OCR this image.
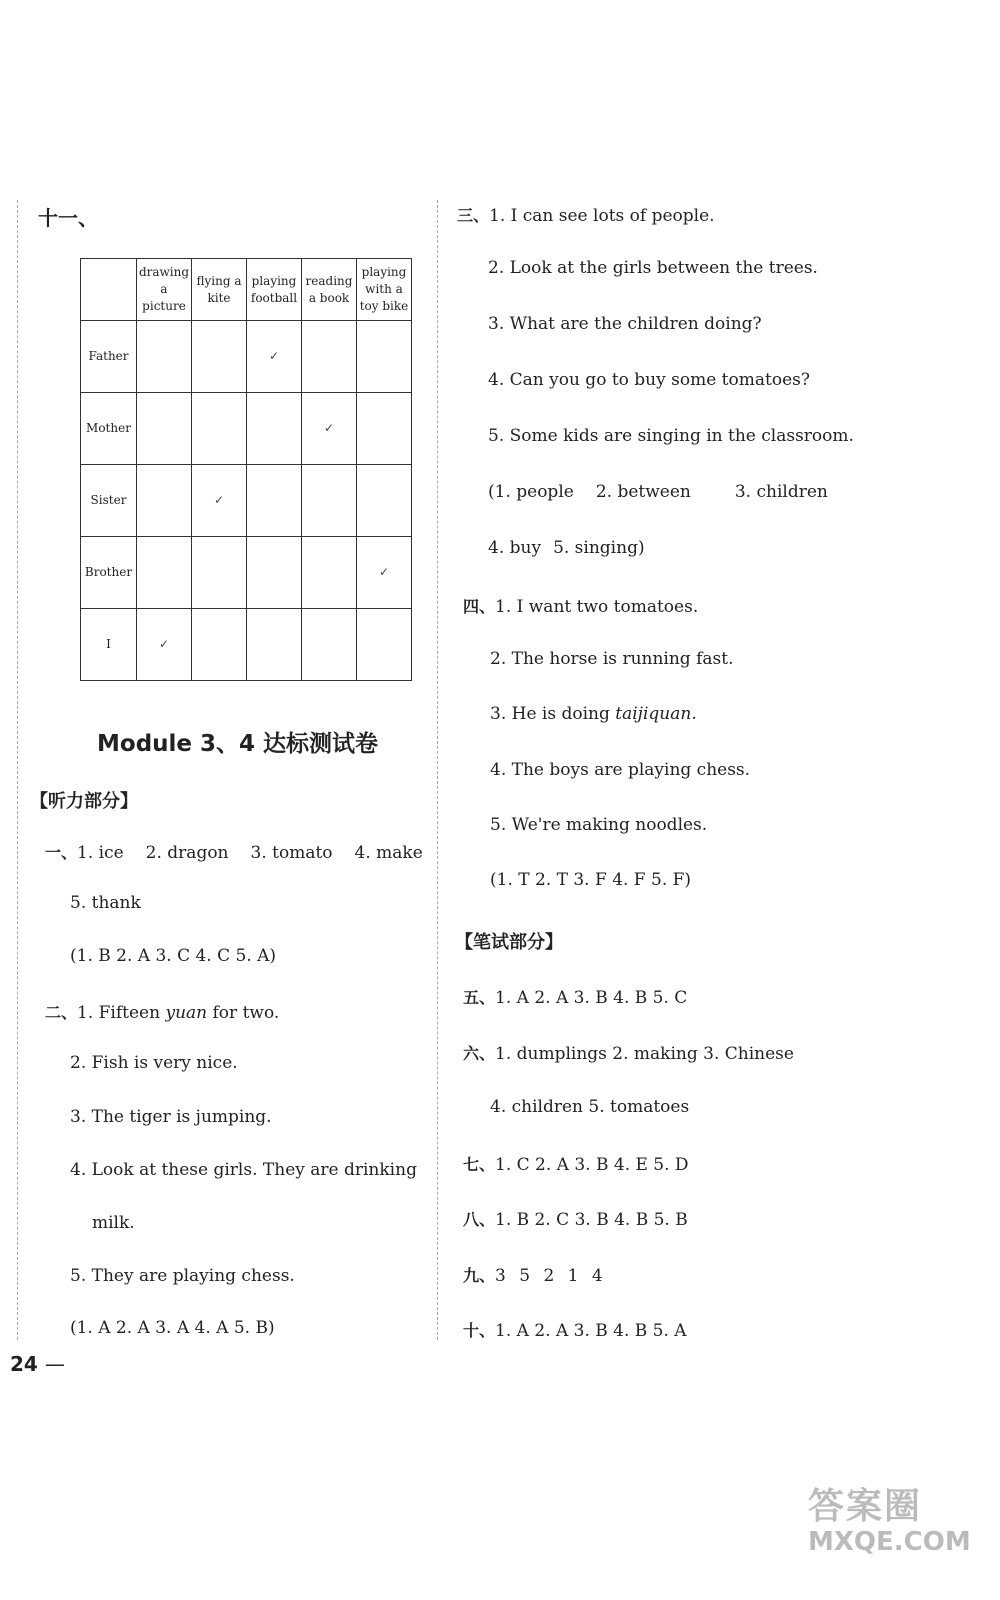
十一、
	drawing a picture	flying a kite	playing football	reading a book	playing with a toy bike
Father			✓		
Mother				✓	
Sister		✓			
Brother					✓
I	✓				
Module 3、4 达标测试卷
【听力部分】
一、1. ice 2. dragon 3. tomato 4. make
5. thank
(1. B 2. A 3. C 4. C 5. A)
二、1. Fifteen yuan for two.
2. Fish is very nice.
3. The tiger is jumping.
4. Look at these girls. They are drinking
milk.
5. They are playing chess.
(1. A 2. A 3. A 4. A 5. B)
24 —
三、1. I can see lots of people.
2. Look at the girls between the trees.
3. What are the children doing?
4. Can you go to buy some tomatoes?
5. Some kids are singing in the classroom.
(1. people 2. between	3. children
4. buy 5. singing)
四、1. I want two tomatoes.
2. The horse is running fast.
3. He is doing taijiquan.
4. The boys are playing chess.
5. We're making noodles.
(1. T 2. T 3. F 4. F 5. F)
【笔试部分】
五、1. A 2. A 3. B 4. B 5. C
六、1. dumplings 2. making 3. Chinese
4. children 5. tomatoes
七、1. C 2. A 3. B 4. E 5. D
八、1. B 2. C 3. B 4. B 5. B
九、3 5 2 1 4
十、1. A 2. A 3. B 4. B 5. A
答案圈
MXQE.COM
